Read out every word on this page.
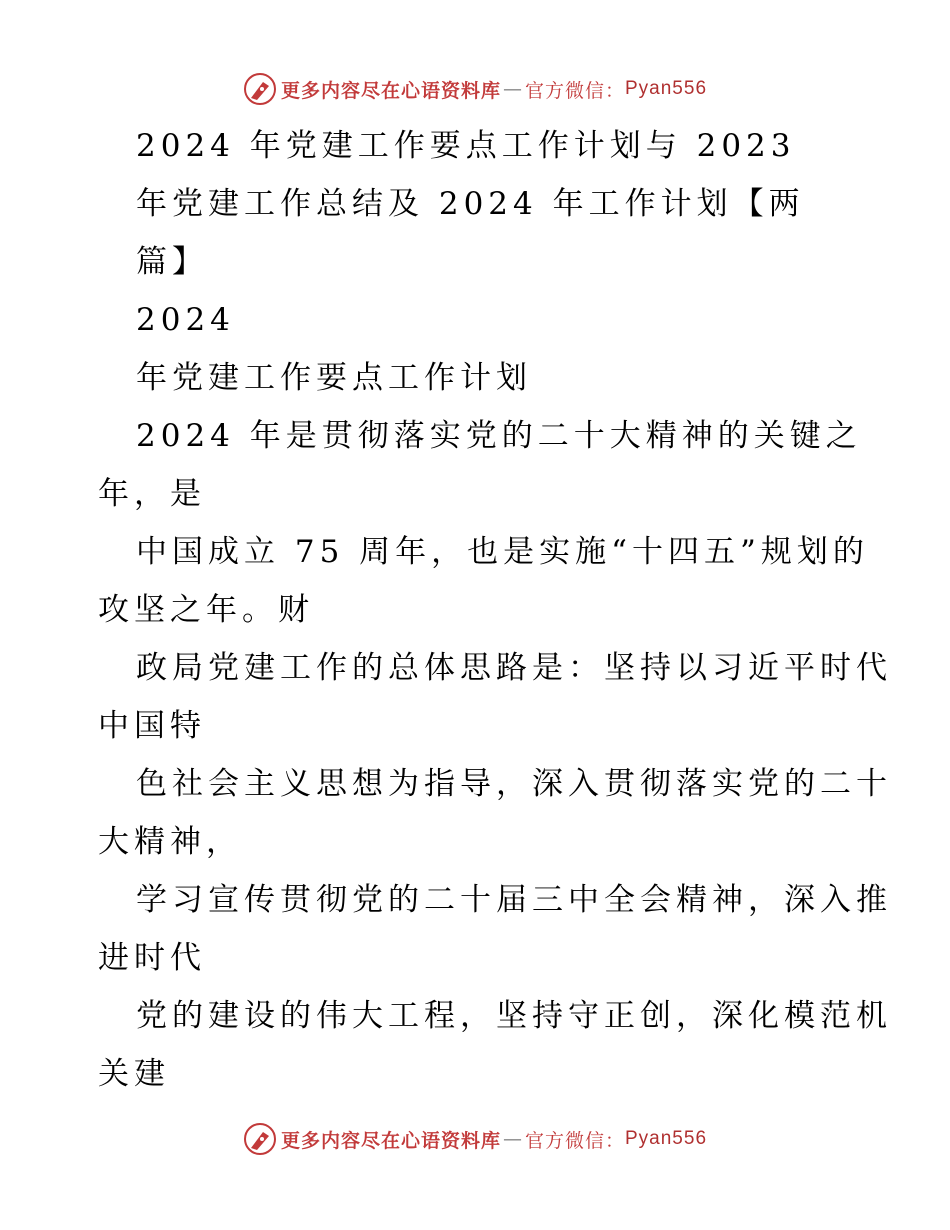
更多内容尽在心语资料库 — 官方微信： Pyan556
2024 年党建工作要点工作计划与 2023
年党建工作总结及 2024 年工作计划【两
篇】
2024
年党建工作要点工作计划
2024 年是贯彻落实党的二十大精神的关键之
年，是
中国成立 75 周年，也是实施“十四五”规划的
攻坚之年。财
政局党建工作的总体思路是：坚持以习近平时代
中国特
色社会主义思想为指导，深入贯彻落实党的二十
大精神，
学习宣传贯彻党的二十届三中全会精神，深入推
进时代
党的建设的伟大工程，坚持守正创，深化模范机
关建
更多内容尽在心语资料库 — 官方微信： Pyan556
